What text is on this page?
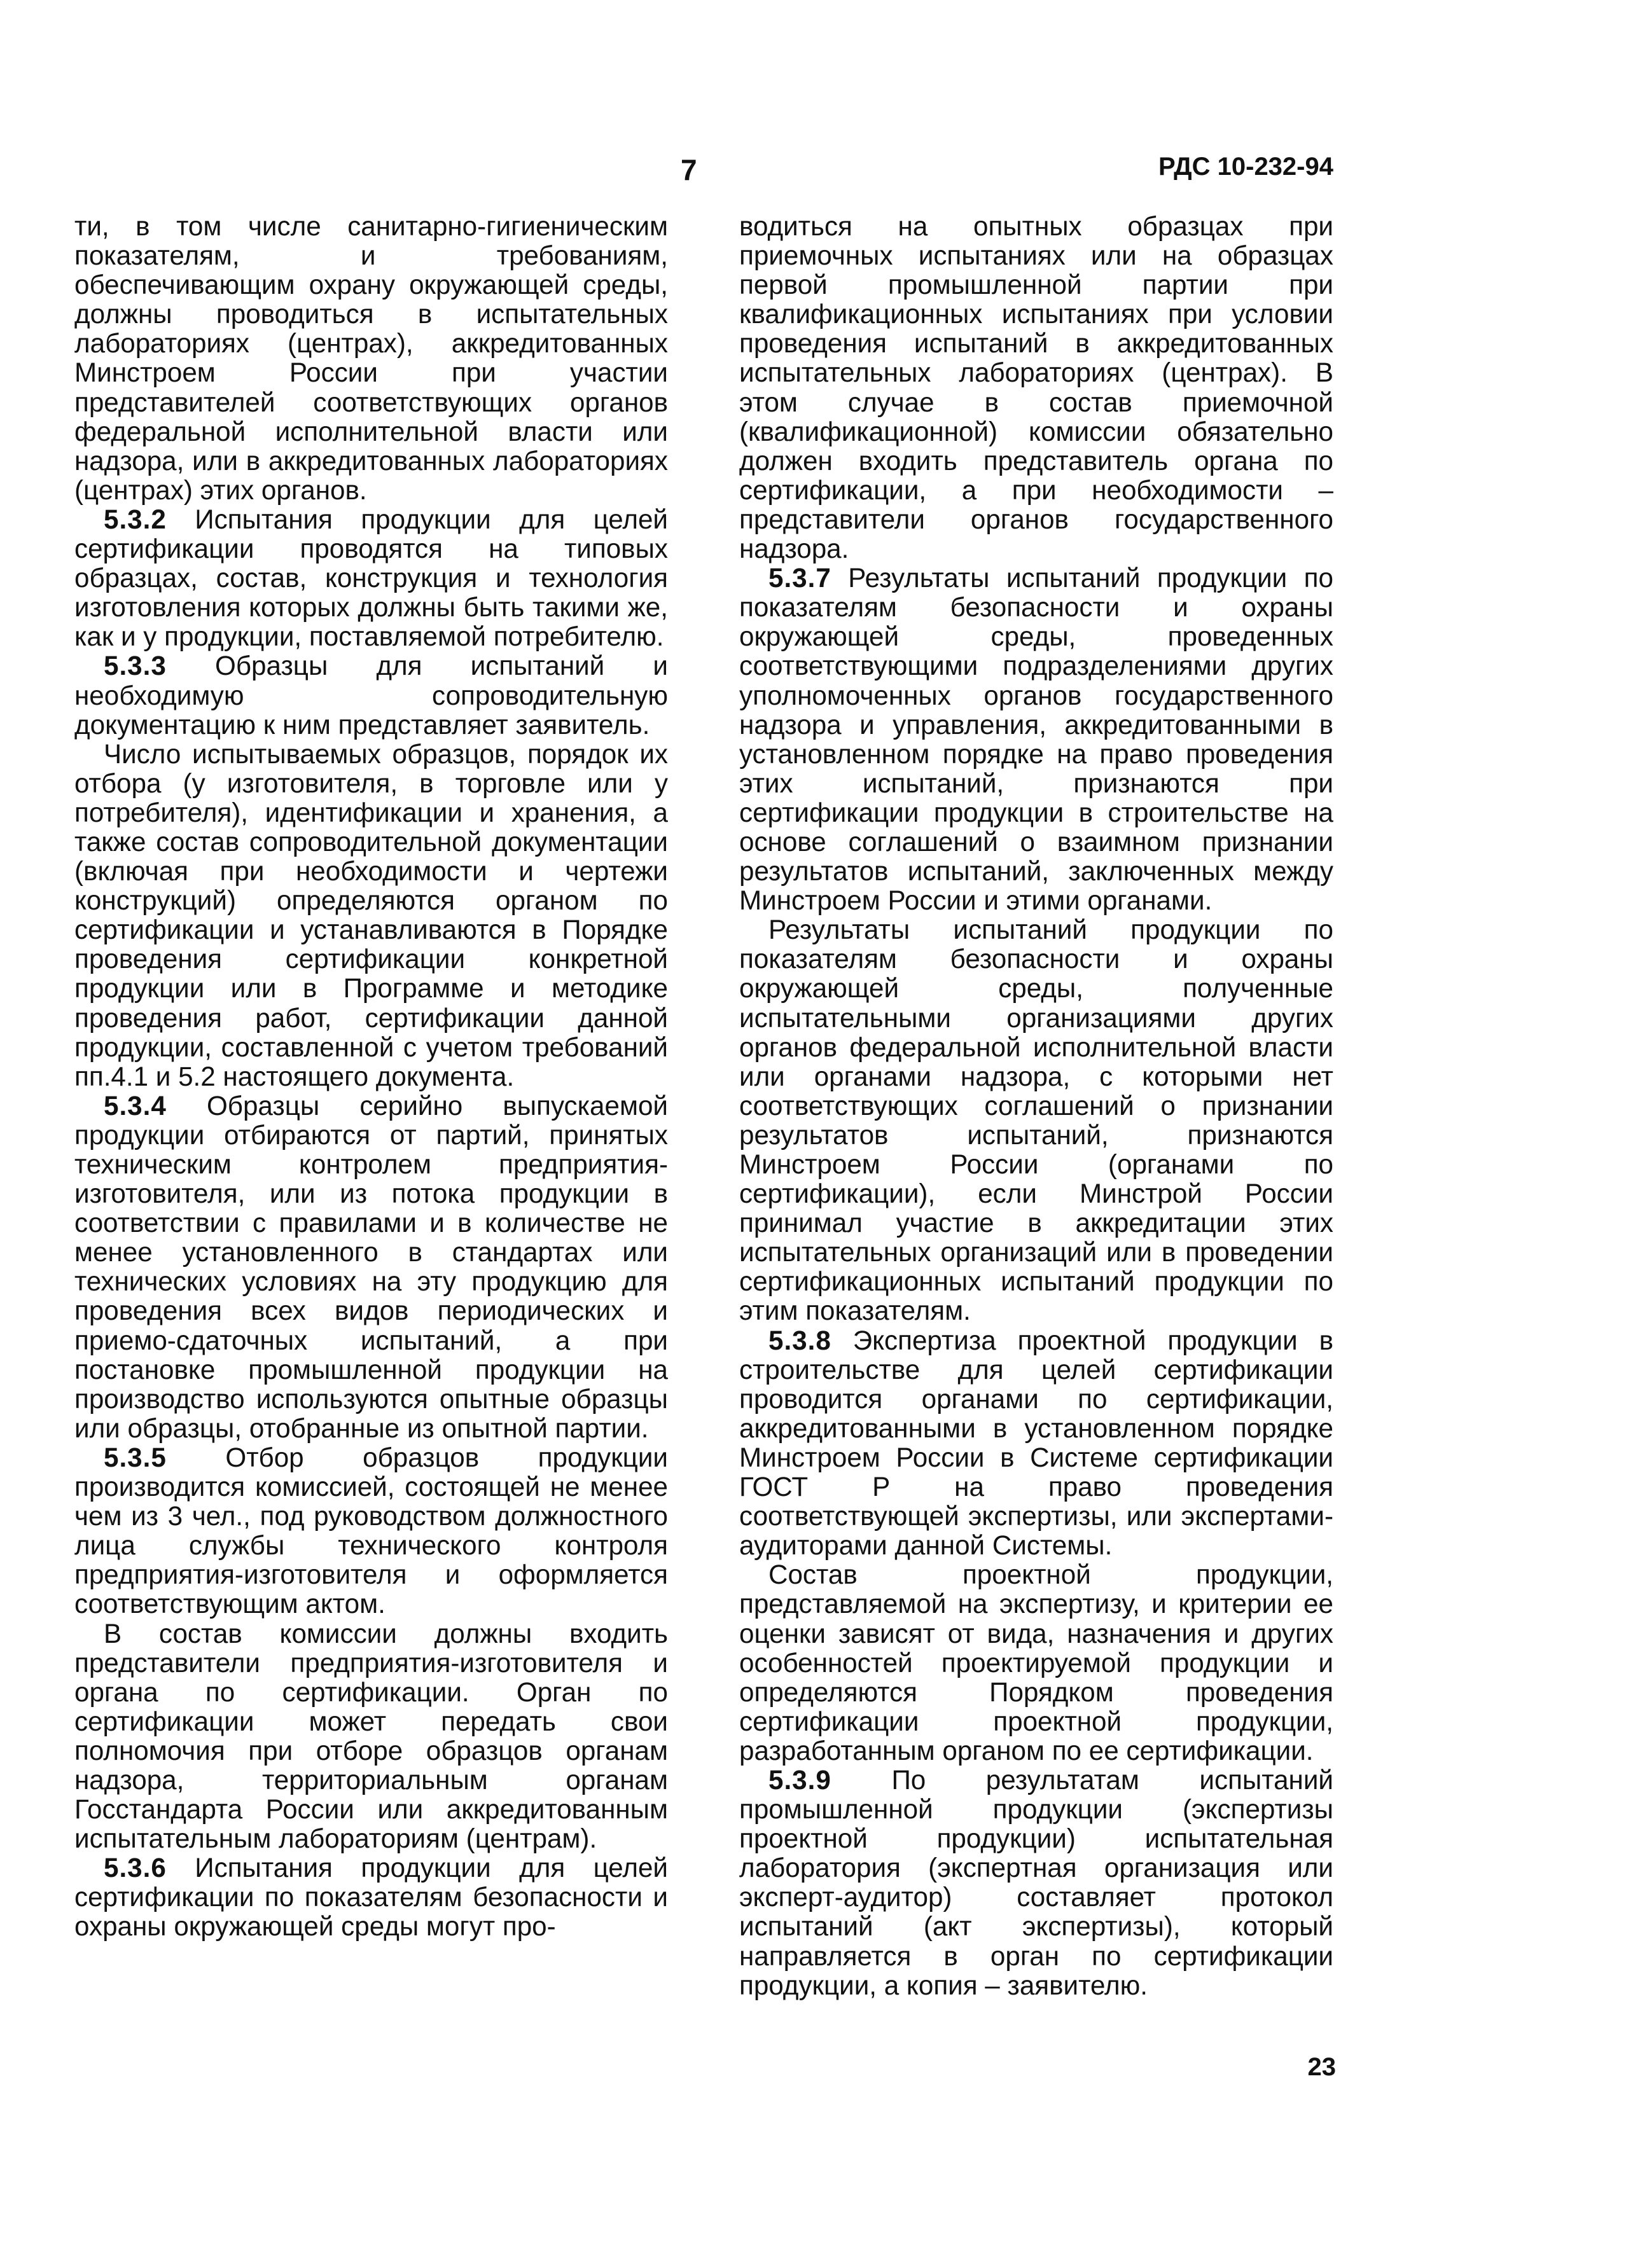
7	РДС 10-232-94

ти, в том числе санитарно-гигиеническим показателям, и требованиям, обеспечивающим охрану окружающей среды, должны проводиться в испытательных лабораториях (центрах), аккредитованных Минстроем России при участии представителей соответствующих органов федеральной исполнительной власти или надзора, или в аккредитованных лабораториях (центрах) этих органов.

5.3.2 Испытания продукции для целей сертификации проводятся на типовых образцах, состав, конструкция и технология изготовления которых должны быть такими же, как и у продукции, поставляемой потребителю.

5.3.3 Образцы для испытаний и необходимую сопроводительную документацию к ним представляет заявитель.

Число испытываемых образцов, порядок их отбора (у изготовителя, в торговле или у потребителя), идентификации и хранения, а также состав сопроводительной документации (включая при необходимости и чертежи конструкций) определяются органом по сертификации и устанавливаются в Порядке проведения сертификации конкретной продукции или в Программе и методике проведения работ, сертификации данной продукции, составленной с учетом требований пп.4.1 и 5.2 настоящего документа.

5.3.4 Образцы серийно выпускаемой продукции отбираются от партий, принятых техническим контролем предприятия-изготовителя, или из потока продукции в соответствии с правилами и в количестве не менее установленного в стандартах или технических условиях на эту продукцию для проведения всех видов периодических и приемо-сдаточных испытаний, а при постановке промышленной продукции на производство используются опытные образцы или образцы, отобранные из опытной партии.

5.3.5 Отбор образцов продукции производится комиссией, состоящей не менее чем из 3 чел., под руководством должностного лица службы технического контроля предприятия-изготовителя и оформляется соответствующим актом.

В состав комиссии должны входить представители предприятия-изготовителя и органа по сертификации. Орган по сертификации может передать свои полномочия при отборе образцов органам надзора, территориальным органам Госстандарта России или аккредитованным испытательным лабораториям (центрам).

5.3.6 Испытания продукции для целей сертификации по показателям безопасности и охраны окружающей среды могут про-

водиться на опытных образцах при приемочных испытаниях или на образцах первой промышленной партии при квалификационных испытаниях при условии проведения испытаний в аккредитованных испытательных лабораториях (центрах). В этом случае в состав приемочной (квалификационной) комиссии обязательно должен входить представитель органа по сертификации, а при необходимости – представители органов государственного надзора.

5.3.7 Результаты испытаний продукции по показателям безопасности и охраны окружающей среды, проведенных соответствующими подразделениями других уполномоченных органов государственного надзора и управления, аккредитованными в установленном порядке на право проведения этих испытаний, признаются при сертификации продукции в строительстве на основе соглашений о взаимном признании результатов испытаний, заключенных между Минстроем России и этими органами.

Результаты испытаний продукции по показателям безопасности и охраны окружающей среды, полученные испытательными организациями других органов федеральной исполнительной власти или органами надзора, с которыми нет соответствующих соглашений о признании результатов испытаний, признаются Минстроем России (органами по сертификации), если Минстрой России принимал участие в аккредитации этих испытательных организаций или в проведении сертификационных испытаний продукции по этим показателям.

5.3.8 Экспертиза проектной продукции в строительстве для целей сертификации проводится органами по сертификации, аккредитованными в установленном порядке Минстроем России в Системе сертификации ГОСТ Р на право проведения соответствующей экспертизы, или экспертами-аудиторами данной Системы.

Состав проектной продукции, представляемой на экспертизу, и критерии ее оценки зависят от вида, назначения и других особенностей проектируемой продукции и определяются Порядком проведения сертификации проектной продукции, разработанным органом по ее сертификации.

5.3.9 По результатам испытаний промышленной продукции (экспертизы проектной продукции) испытательная лаборатория (экспертная организация или эксперт-аудитор) составляет протокол испытаний (акт экспертизы), который направляется в орган по сертификации продукции, а копия – заявителю.

23
